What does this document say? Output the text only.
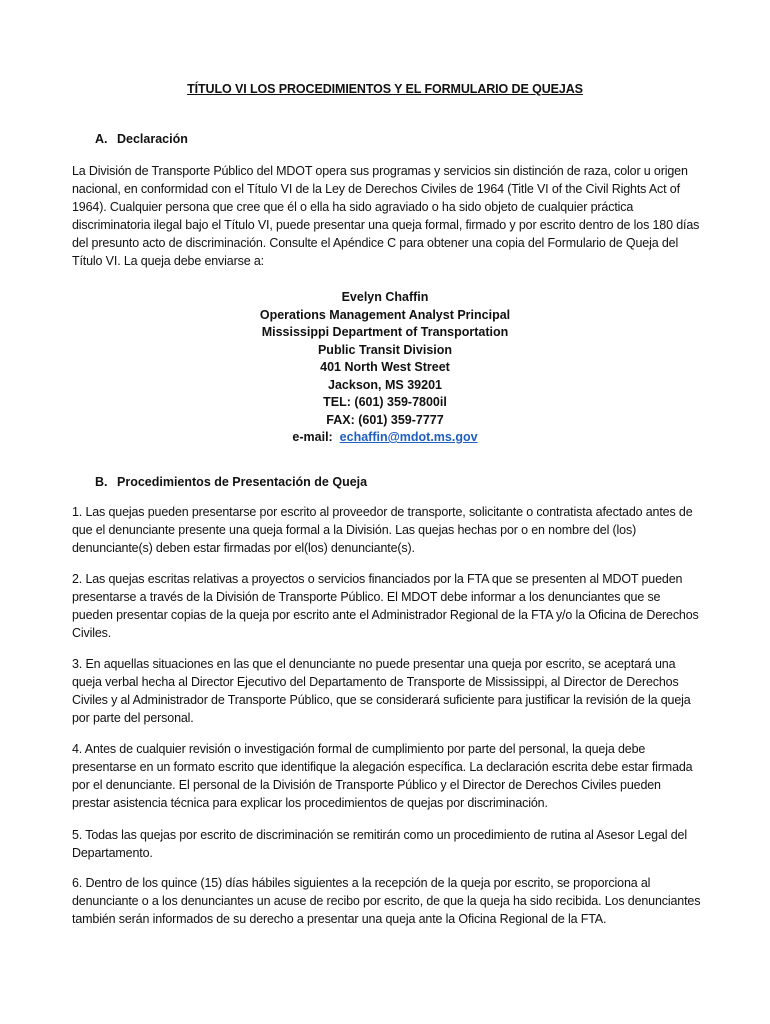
TÍTULO VI LOS PROCEDIMIENTOS Y EL FORMULARIO DE QUEJAS
A. Declaración
La División de Transporte Público del MDOT opera sus programas y servicios sin distinción de raza, color u origen nacional, en conformidad con el Título VI de la Ley de Derechos Civiles de 1964 (Title VI of the Civil Rights Act of 1964). Cualquier persona que cree que él o ella ha sido agraviado o ha sido objeto de cualquier práctica discriminatoria ilegal bajo el Título VI, puede presentar una queja formal, firmado y por escrito dentro de los 180 días del presunto acto de discriminación. Consulte el Apéndice C para obtener una copia del Formulario de Queja del Título VI. La queja debe enviarse a:
Evelyn Chaffin
Operations Management Analyst Principal
Mississippi Department of Transportation
Public Transit Division
401 North West Street
Jackson, MS 39201
TEL: (601) 359-7800il
FAX: (601) 359-7777
e-mail: echaffin@mdot.ms.gov
B. Procedimientos de Presentación de Queja
1. Las quejas pueden presentarse por escrito al proveedor de transporte, solicitante o contratista afectado antes de que el denunciante presente una queja formal a la División. Las quejas hechas por o en nombre del (los) denunciante(s) deben estar firmadas por el(los) denunciante(s).
2. Las quejas escritas relativas a proyectos o servicios financiados por la FTA que se presenten al MDOT pueden presentarse a través de la División de Transporte Público. El MDOT debe informar a los denunciantes que se pueden presentar copias de la queja por escrito ante el Administrador Regional de la FTA y/o la Oficina de Derechos Civiles.
3. En aquellas situaciones en las que el denunciante no puede presentar una queja por escrito, se aceptará una queja verbal hecha al Director Ejecutivo del Departamento de Transporte de Mississippi, al Director de Derechos Civiles y al Administrador de Transporte Público, que se considerará suficiente para justificar la revisión de la queja por parte del personal.
4. Antes de cualquier revisión o investigación formal de cumplimiento por parte del personal, la queja debe presentarse en un formato escrito que identifique la alegación específica. La declaración escrita debe estar firmada por el denunciante. El personal de la División de Transporte Público y el Director de Derechos Civiles pueden prestar asistencia técnica para explicar los procedimientos de quejas por discriminación.
5. Todas las quejas por escrito de discriminación se remitirán como un procedimiento de rutina al Asesor Legal del Departamento.
6. Dentro de los quince (15) días hábiles siguientes a la recepción de la queja por escrito, se proporciona al denunciante o a los denunciantes un acuse de recibo por escrito, de que la queja ha sido recibida. Los denunciantes también serán informados de su derecho a presentar una queja ante la Oficina Regional de la FTA.
